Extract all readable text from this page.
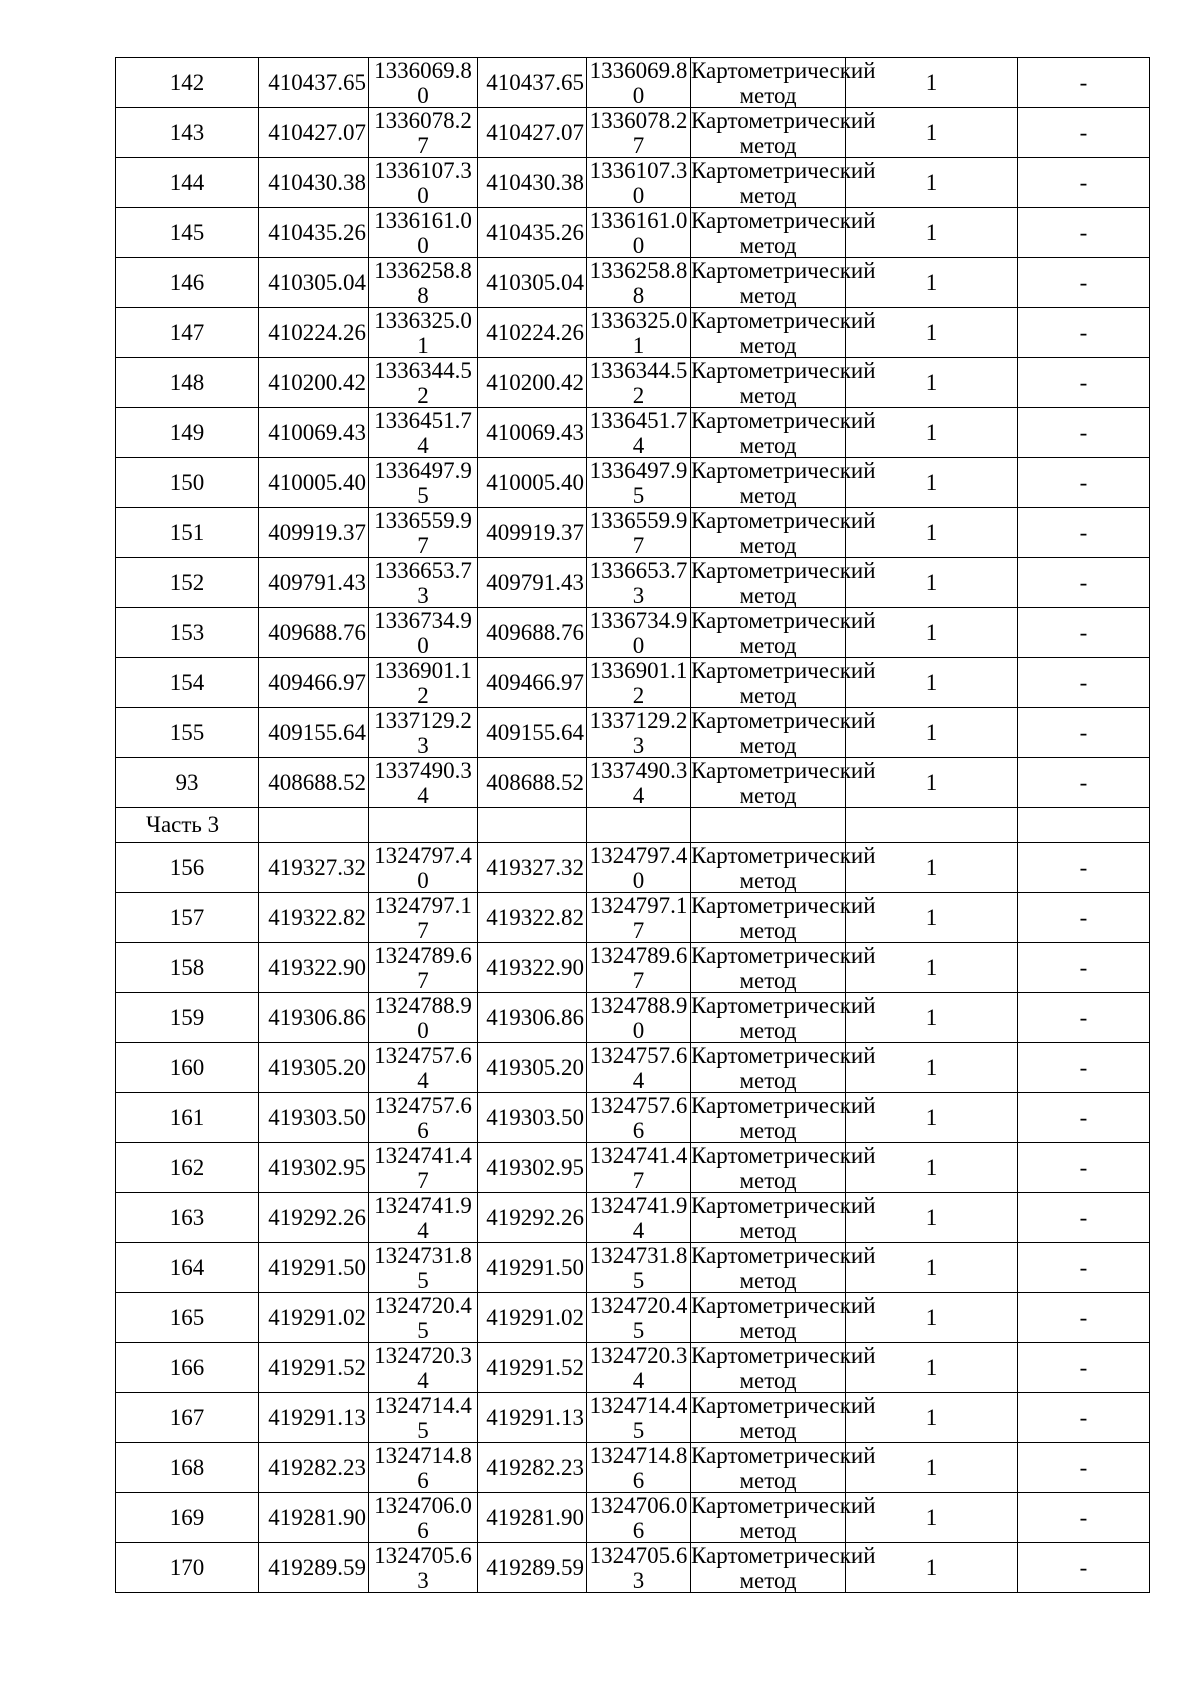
142	410437.65	1336069.80	410437.65	1336069.80	Картометрический метод	1	-
143	410427.07	1336078.27	410427.07	1336078.27	Картометрический метод	1	-
144	410430.38	1336107.30	410430.38	1336107.30	Картометрический метод	1	-
145	410435.26	1336161.00	410435.26	1336161.00	Картометрический метод	1	-
146	410305.04	1336258.88	410305.04	1336258.88	Картометрический метод	1	-
147	410224.26	1336325.01	410224.26	1336325.01	Картометрический метод	1	-
148	410200.42	1336344.52	410200.42	1336344.52	Картометрический метод	1	-
149	410069.43	1336451.74	410069.43	1336451.74	Картометрический метод	1	-
150	410005.40	1336497.95	410005.40	1336497.95	Картометрический метод	1	-
151	409919.37	1336559.97	409919.37	1336559.97	Картометрический метод	1	-
152	409791.43	1336653.73	409791.43	1336653.73	Картометрический метод	1	-
153	409688.76	1336734.90	409688.76	1336734.90	Картометрический метод	1	-
154	409466.97	1336901.12	409466.97	1336901.12	Картометрический метод	1	-
155	409155.64	1337129.23	409155.64	1337129.23	Картометрический метод	1	-
93	408688.52	1337490.34	408688.52	1337490.34	Картометрический метод	1	-
Часть 3							
156	419327.32	1324797.40	419327.32	1324797.40	Картометрический метод	1	-
157	419322.82	1324797.17	419322.82	1324797.17	Картометрический метод	1	-
158	419322.90	1324789.67	419322.90	1324789.67	Картометрический метод	1	-
159	419306.86	1324788.90	419306.86	1324788.90	Картометрический метод	1	-
160	419305.20	1324757.64	419305.20	1324757.64	Картометрический метод	1	-
161	419303.50	1324757.66	419303.50	1324757.66	Картометрический метод	1	-
162	419302.95	1324741.47	419302.95	1324741.47	Картометрический метод	1	-
163	419292.26	1324741.94	419292.26	1324741.94	Картометрический метод	1	-
164	419291.50	1324731.85	419291.50	1324731.85	Картометрический метод	1	-
165	419291.02	1324720.45	419291.02	1324720.45	Картометрический метод	1	-
166	419291.52	1324720.34	419291.52	1324720.34	Картометрический метод	1	-
167	419291.13	1324714.45	419291.13	1324714.45	Картометрический метод	1	-
168	419282.23	1324714.86	419282.23	1324714.86	Картометрический метод	1	-
169	419281.90	1324706.06	419281.90	1324706.06	Картометрический метод	1	-
170	419289.59	1324705.63	419289.59	1324705.63	Картометрический метод	1	-
